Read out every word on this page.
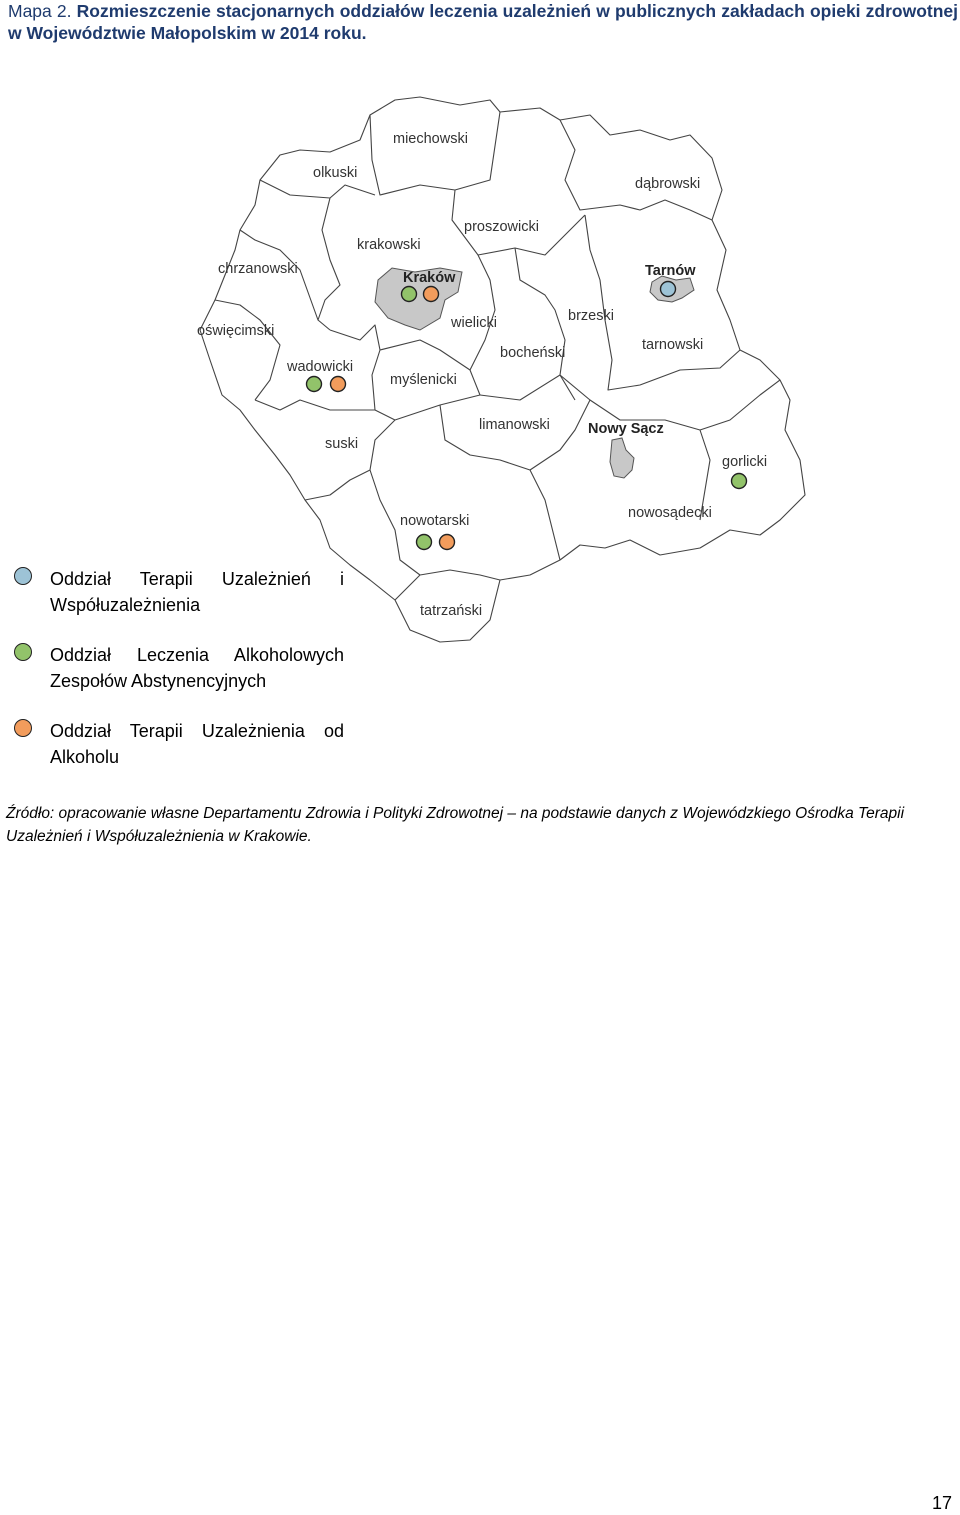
Mapa 2. Rozmieszczenie stacjonarnych oddziałów leczenia uzależnień w publicznych zakładach opieki zdrowotnej w Województwie Małopolskim w 2014 roku.
miechowski
olkuski
dąbrowski
krakowski
proszowicki
chrzanowski
Kraków	Tarnów
oświęcimski	wielicki	brzeski
bocheński	tarnowski
wadowicki
myślenicki
limanowski	Nowy Sącz
suski
gorlicki
nowotarski	nowosądecki
tatrzański
Oddział Terapii Uzależnień i Współuzależnienia
Oddział Leczenia Alkoholowych Zespołów Abstynencyjnych
Oddział Terapii Uzależnienia od Alkoholu
Źródło: opracowanie własne Departamentu Zdrowia i Polityki Zdrowotnej – na podstawie danych z Wojewódzkiego Ośrodka Terapii Uzależnień i Współuzależnienia w Krakowie.
17
